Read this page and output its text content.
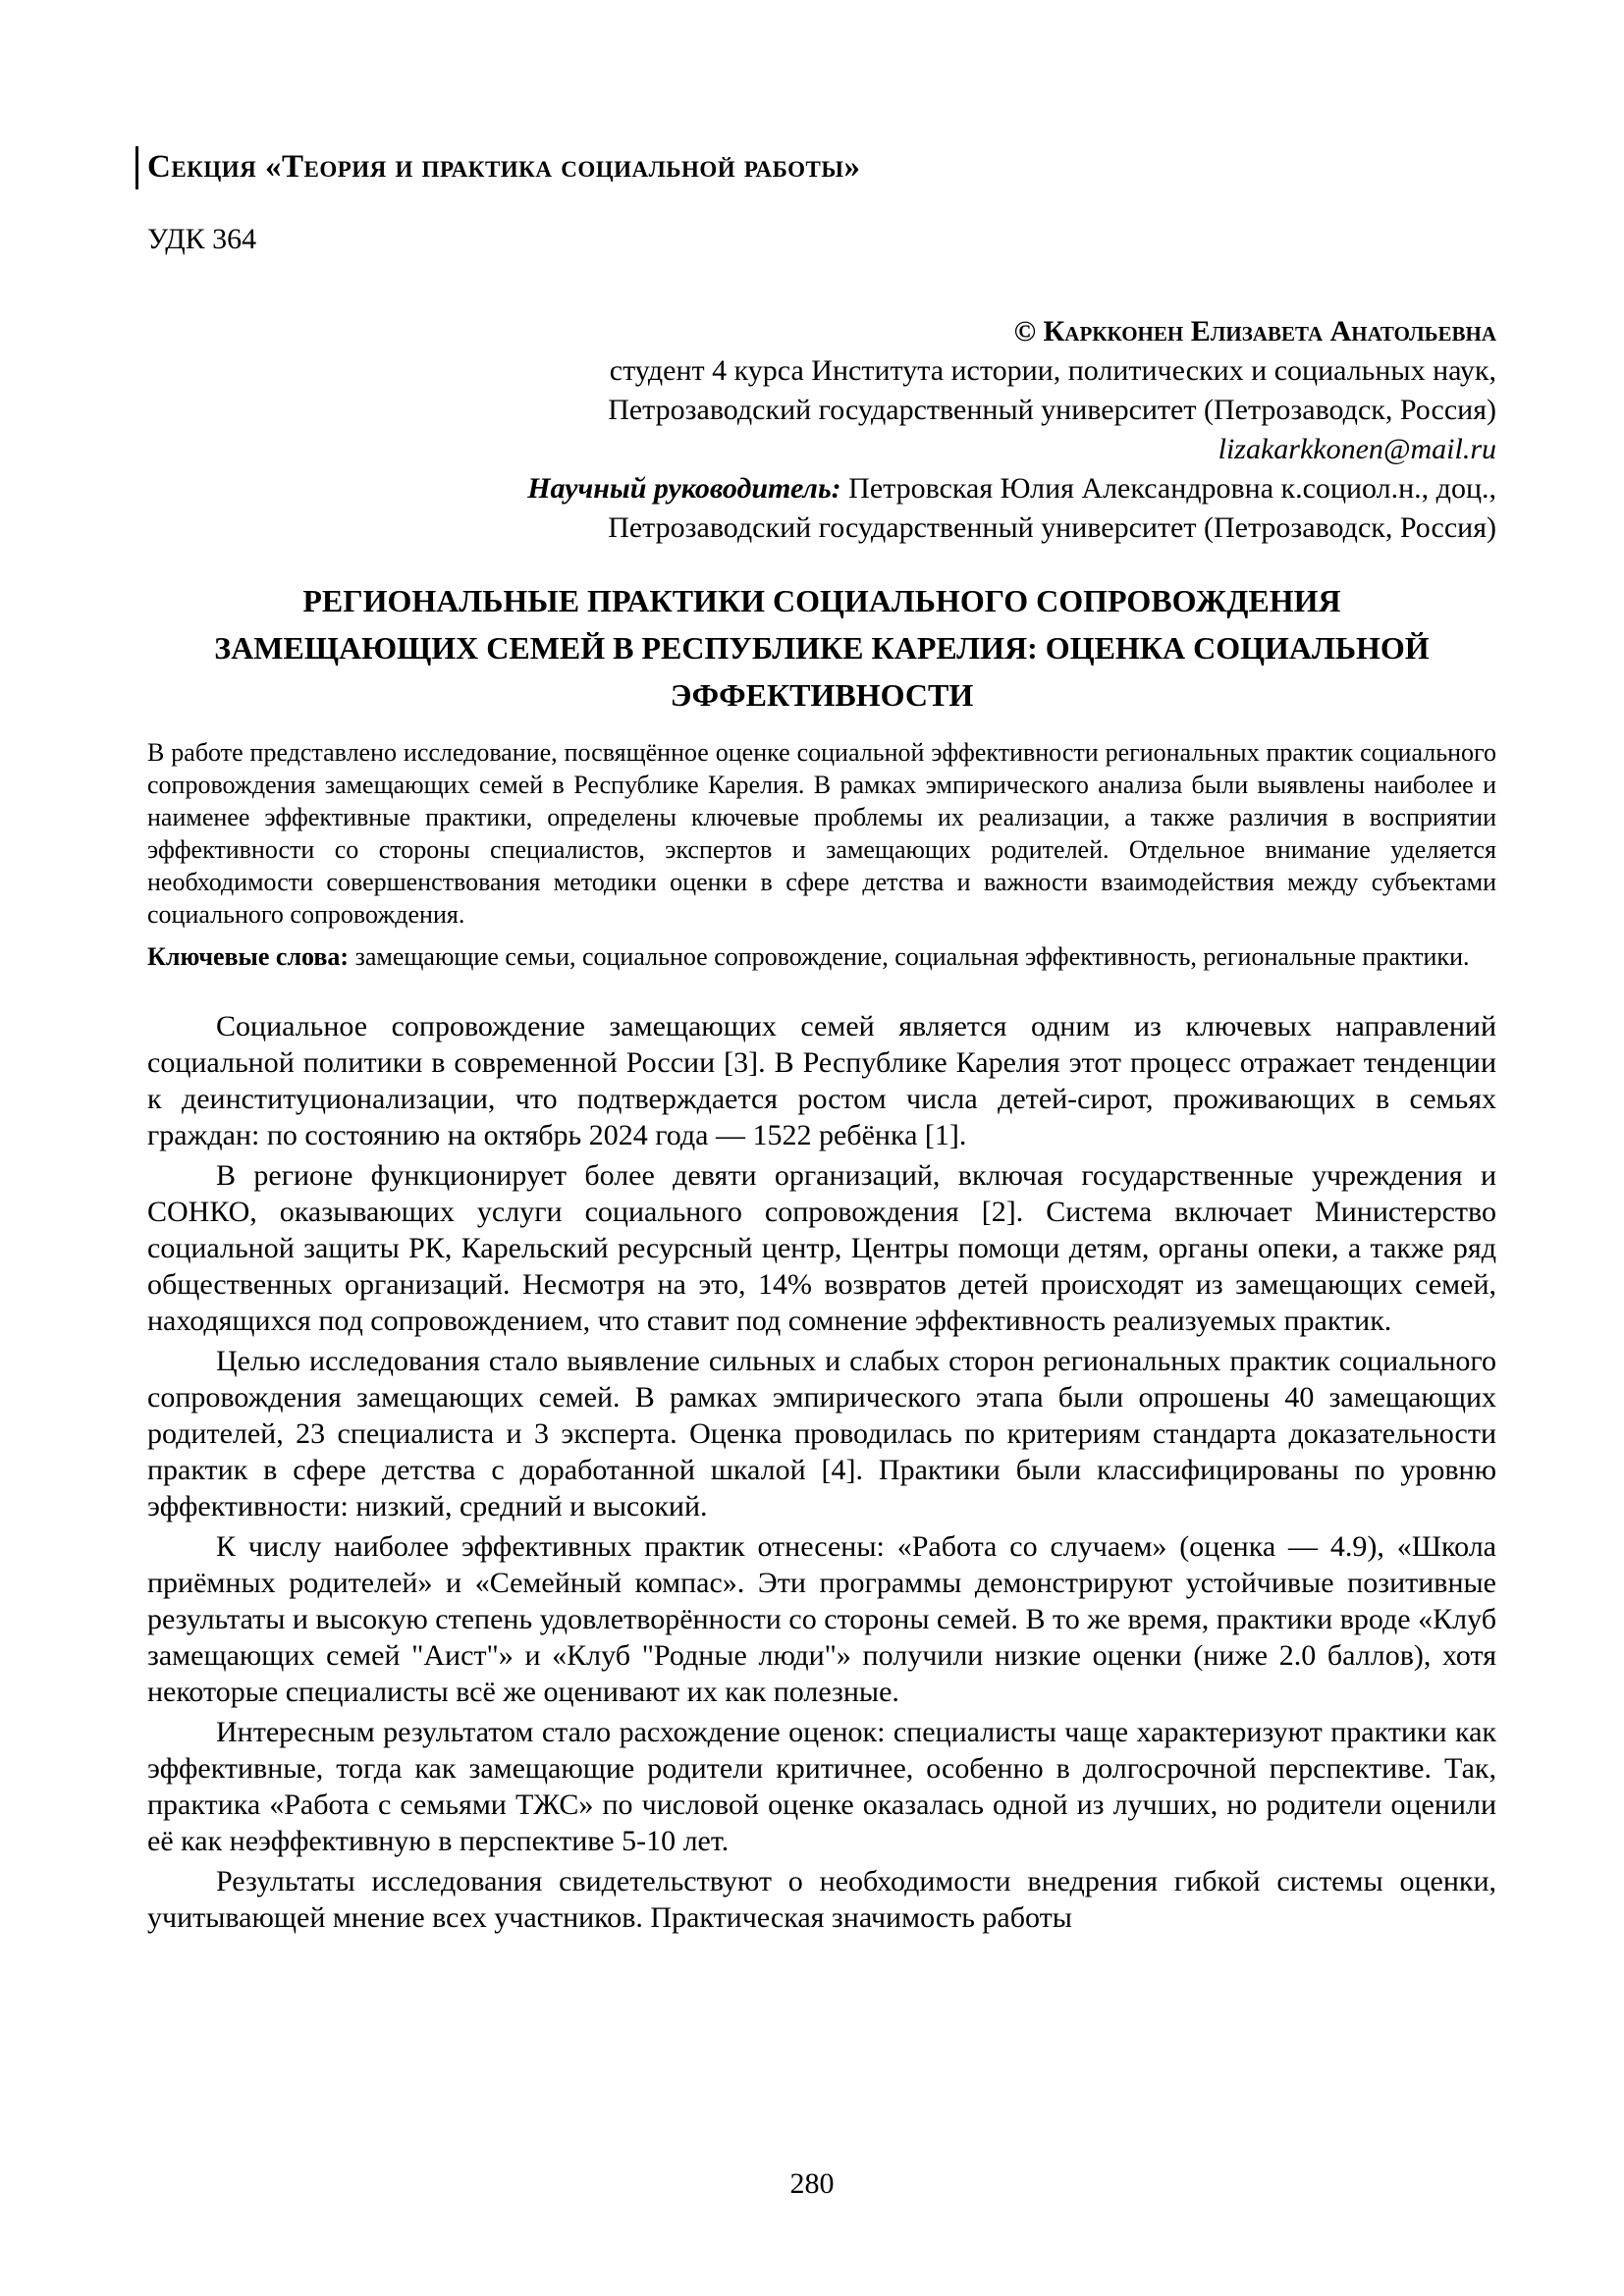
Секция «Теория и практика социальной работы»
УДК 364
© Каркконен Елизавета Анатольевна
студент 4 курса Института истории, политических и социальных наук,
Петрозаводский государственный университет (Петрозаводск, Россия)
lizakarkkonen@mail.ru
Научный руководитель: Петровская Юлия Александровна к.социол.н., доц.,
Петрозаводский государственный университет (Петрозаводск, Россия)
РЕГИОНАЛЬНЫЕ ПРАКТИКИ СОЦИАЛЬНОГО СОПРОВОЖДЕНИЯ
ЗАМЕЩАЮЩИХ СЕМЕЙ В РЕСПУБЛИКЕ КАРЕЛИЯ: ОЦЕНКА СОЦИАЛЬНОЙ
ЭФФЕКТИВНОСТИ
В работе представлено исследование, посвящённое оценке социальной эффективности региональных практик социального сопровождения замещающих семей в Республике Карелия. В рамках эмпирического анализа были выявлены наиболее и наименее эффективные практики, определены ключевые проблемы их реализации, а также различия в восприятии эффективности со стороны специалистов, экспертов и замещающих родителей. Отдельное внимание уделяется необходимости совершенствования методики оценки в сфере детства и важности взаимодействия между субъектами социального сопровождения.
Ключевые слова: замещающие семьи, социальное сопровождение, социальная эффективность, региональные практики.

Социальное сопровождение замещающих семей является одним из ключевых направлений социальной политики в современной России [3]. В Республике Карелия этот процесс отражает тенденции к деинституционализации, что подтверждается ростом числа детей-сирот, проживающих в семьях граждан: по состоянию на октябрь 2024 года — 1522 ребёнка [1].

В регионе функционирует более девяти организаций, включая государственные учреждения и СОНКО, оказывающих услуги социального сопровождения [2]. Система включает Министерство социальной защиты РК, Карельский ресурсный центр, Центры помощи детям, органы опеки, а также ряд общественных организаций. Несмотря на это, 14% возвратов детей происходят из замещающих семей, находящихся под сопровождением, что ставит под сомнение эффективность реализуемых практик.

Целью исследования стало выявление сильных и слабых сторон региональных практик социального сопровождения замещающих семей. В рамках эмпирического этапа были опрошены 40 замещающих родителей, 23 специалиста и 3 эксперта. Оценка проводилась по критериям стандарта доказательности практик в сфере детства с доработанной шкалой [4]. Практики были классифицированы по уровню эффективности: низкий, средний и высокий.

К числу наиболее эффективных практик отнесены: «Работа со случаем» (оценка — 4.9), «Школа приёмных родителей» и «Семейный компас». Эти программы демонстрируют устойчивые позитивные результаты и высокую степень удовлетворённости со стороны семей. В то же время, практики вроде «Клуб замещающих семей "Аист"» и «Клуб "Родные люди"» получили низкие оценки (ниже 2.0 баллов), хотя некоторые специалисты всё же оценивают их как полезные.

Интересным результатом стало расхождение оценок: специалисты чаще характеризуют практики как эффективные, тогда как замещающие родители критичнее, особенно в долгосрочной перспективе. Так, практика «Работа с семьями ТЖС» по числовой оценке оказалась одной из лучших, но родители оценили её как неэффективную в перспективе 5-10 лет.

Результаты исследования свидетельствуют о необходимости внедрения гибкой системы оценки, учитывающей мнение всех участников. Практическая значимость работы

280
